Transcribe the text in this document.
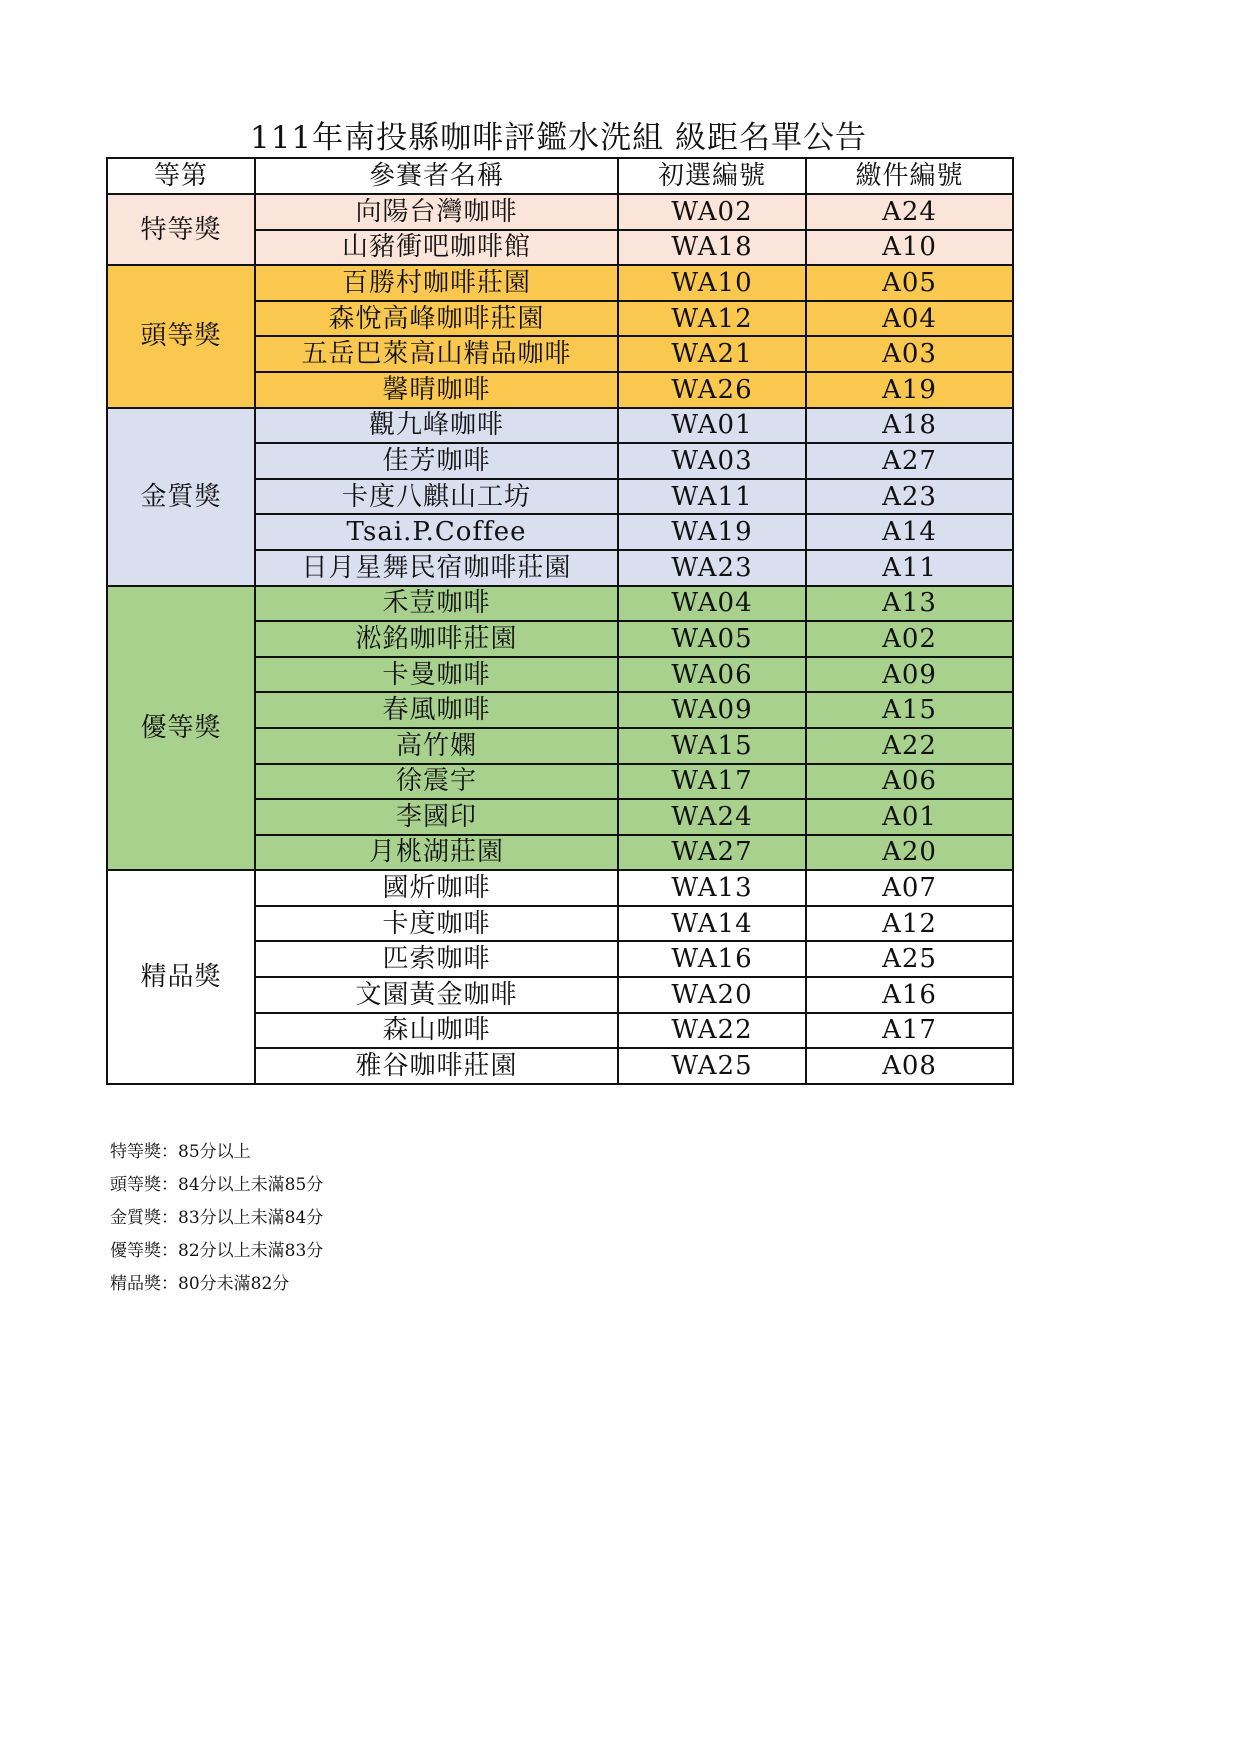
111年南投縣咖啡評鑑水洗組 級距名單公告
等第	參賽者名稱	初選編號	繳件編號
特等獎	向陽台灣咖啡	WA02	A24
	山豬衝吧咖啡館	WA18	A10
頭等獎	百勝村咖啡莊園	WA10	A05
	森悅高峰咖啡莊園	WA12	A04
	五岳巴萊高山精品咖啡	WA21	A03
	馨晴咖啡	WA26	A19
金質獎	觀九峰咖啡	WA01	A18
	佳芳咖啡	WA03	A27
	卡度八麒山工坊	WA11	A23
	Tsai.P.Coffee	WA19	A14
	日月星舞民宿咖啡莊園	WA23	A11
優等獎	禾荳咖啡	WA04	A13
	淞銘咖啡莊園	WA05	A02
	卡曼咖啡	WA06	A09
	春風咖啡	WA09	A15
	高竹嫻	WA15	A22
	徐震宇	WA17	A06
	李國印	WA24	A01
	月桃湖莊園	WA27	A20
精品獎	國炘咖啡	WA13	A07
	卡度咖啡	WA14	A12
	匹索咖啡	WA16	A25
	文園黃金咖啡	WA20	A16
	森山咖啡	WA22	A17
	雅谷咖啡莊園	WA25	A08
特等獎：85分以上
頭等獎：84分以上未滿85分
金質獎：83分以上未滿84分
優等獎：82分以上未滿83分
精品獎：80分未滿82分
